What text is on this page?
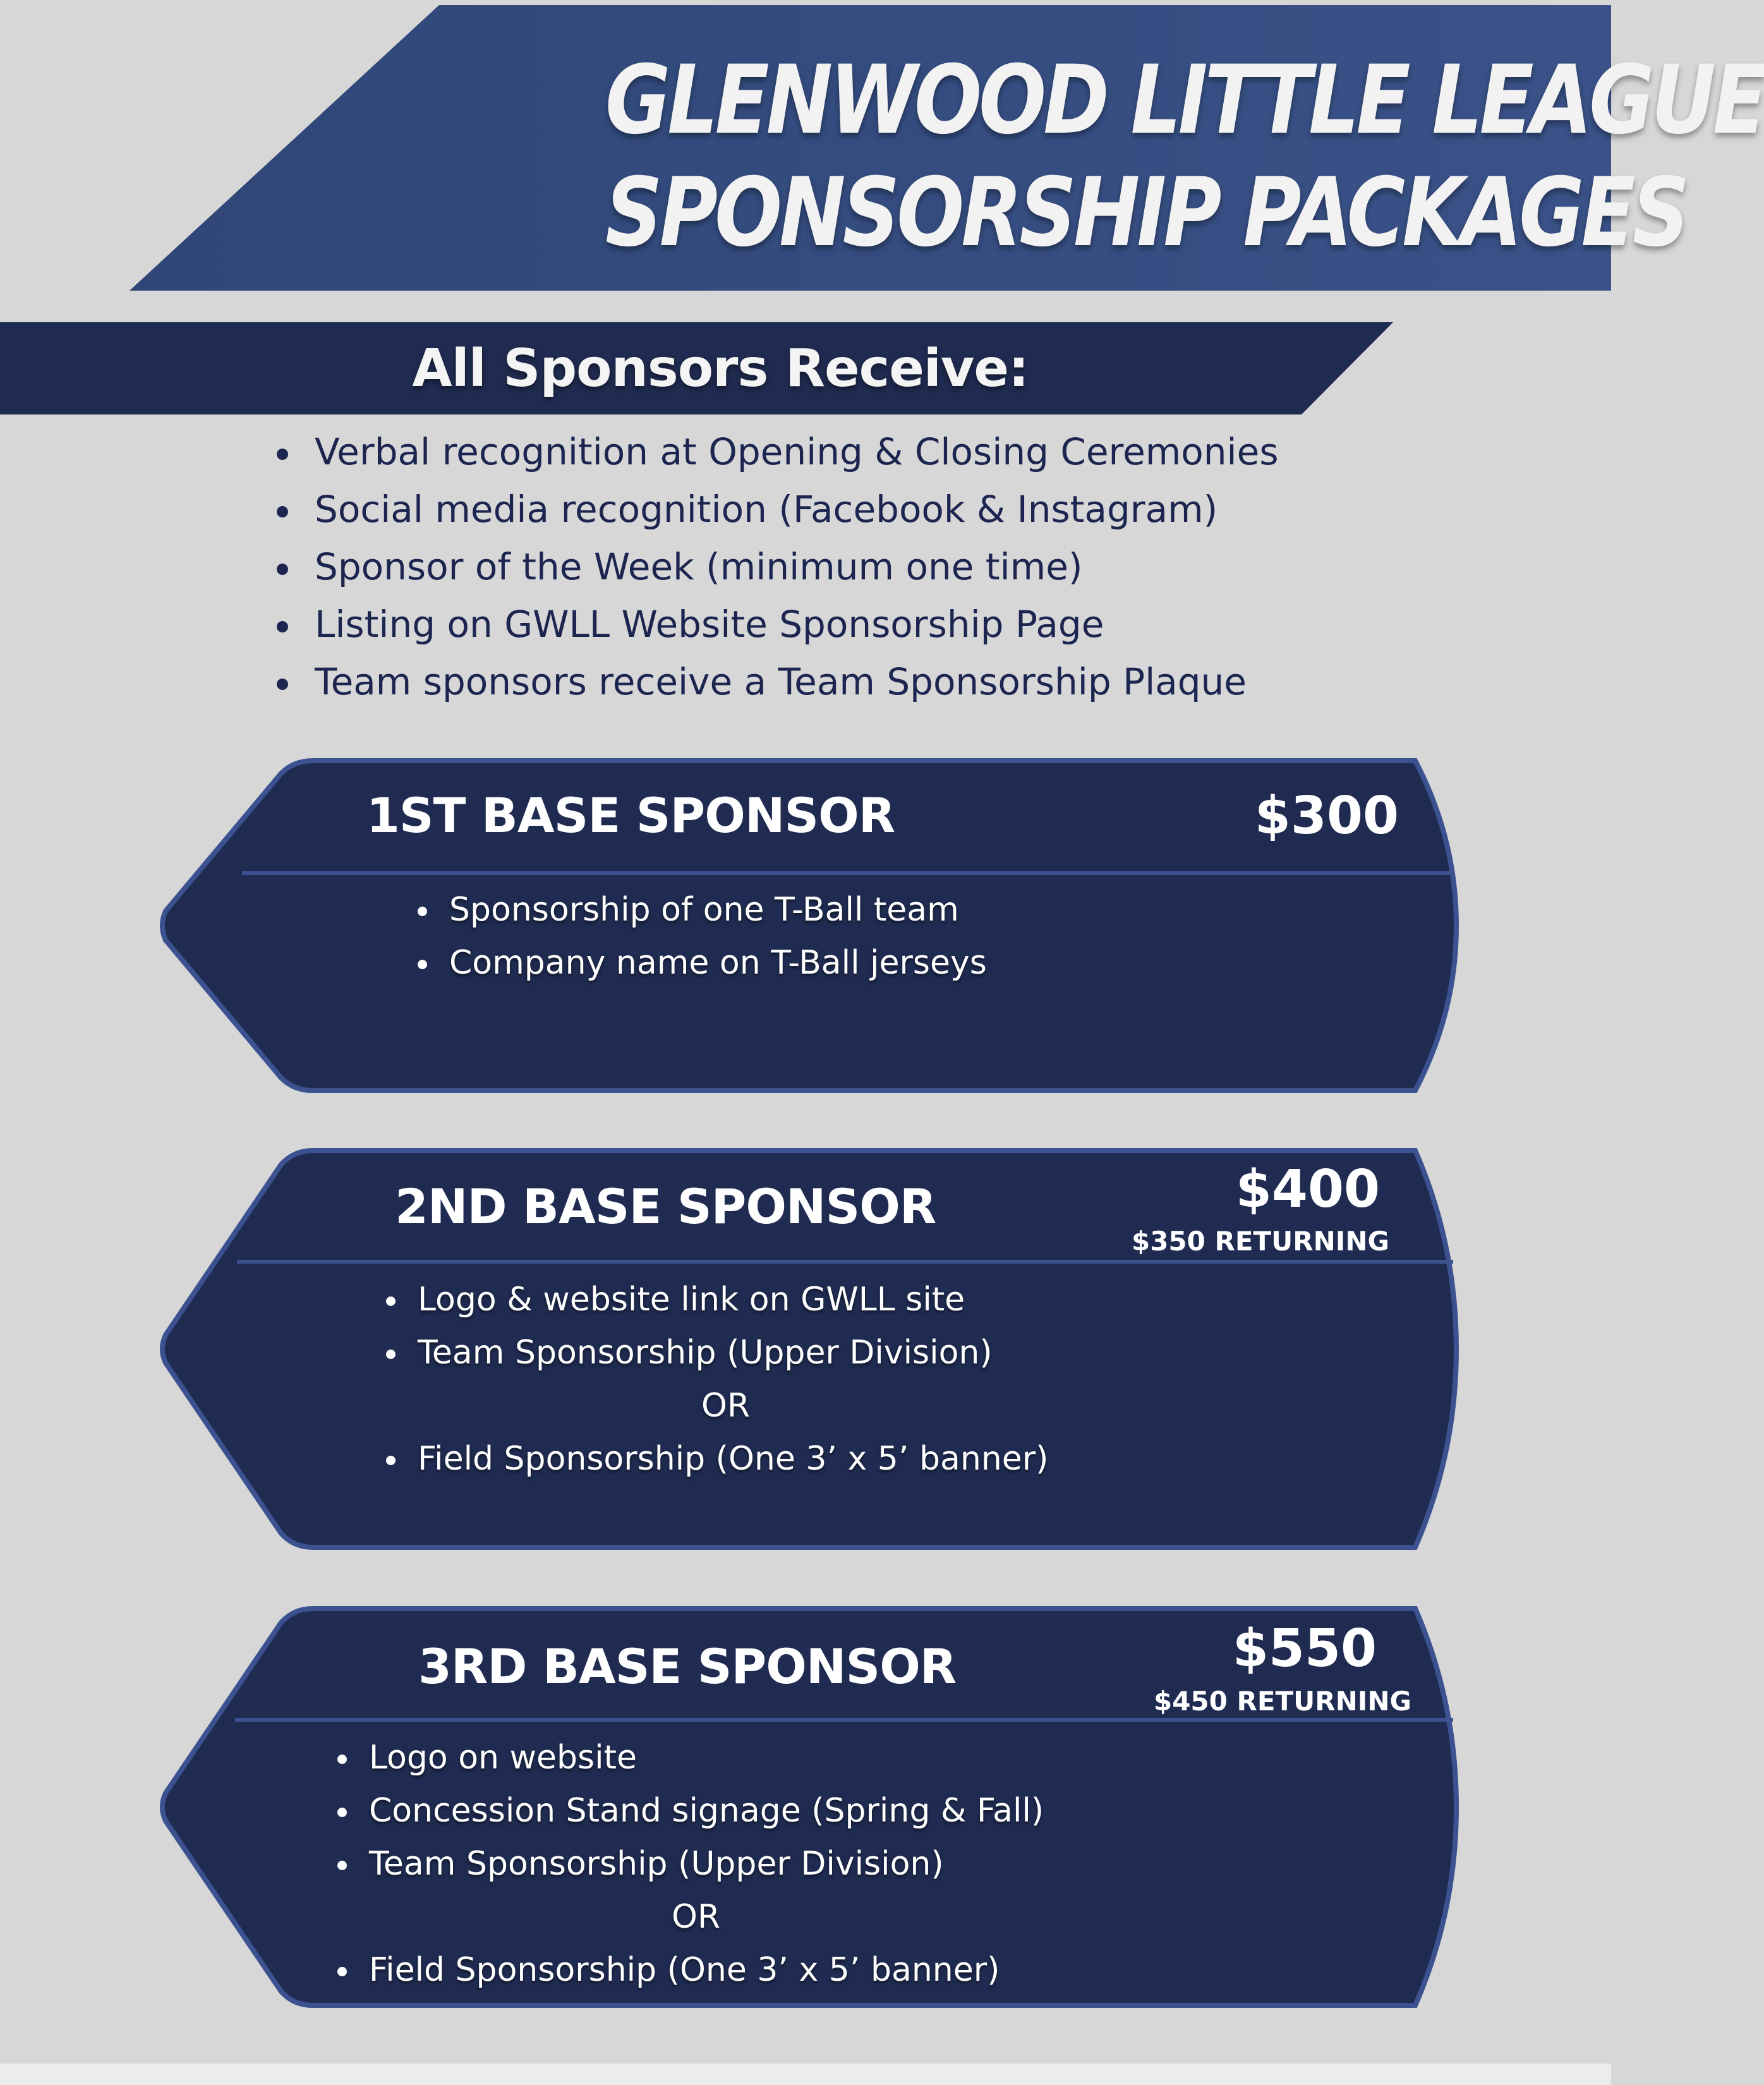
GLENWOOD LITTLE LEAGUE
SPONSORSHIP PACKAGES
All Sponsors Receive:
Verbal recognition at Opening & Closing Ceremonies
Social media recognition (Facebook & Instagram)
Sponsor of the Week (minimum one time)
Listing on GWLL Website Sponsorship Page
Team sponsors receive a Team Sponsorship Plaque
1ST BASE SPONSOR	$300
Sponsorship of one T-Ball team
Company name on T-Ball jerseys
2ND BASE SPONSOR	$400
$350 RETURNING
Logo & website link on GWLL site
Team Sponsorship (Upper Division)
OR
Field Sponsorship (One 3’ x 5’ banner)
3RD BASE SPONSOR	$550
$450 RETURNING
Logo on website
Concession Stand signage (Spring & Fall)
Team Sponsorship (Upper Division)
OR
Field Sponsorship (One 3’ x 5’ banner)
